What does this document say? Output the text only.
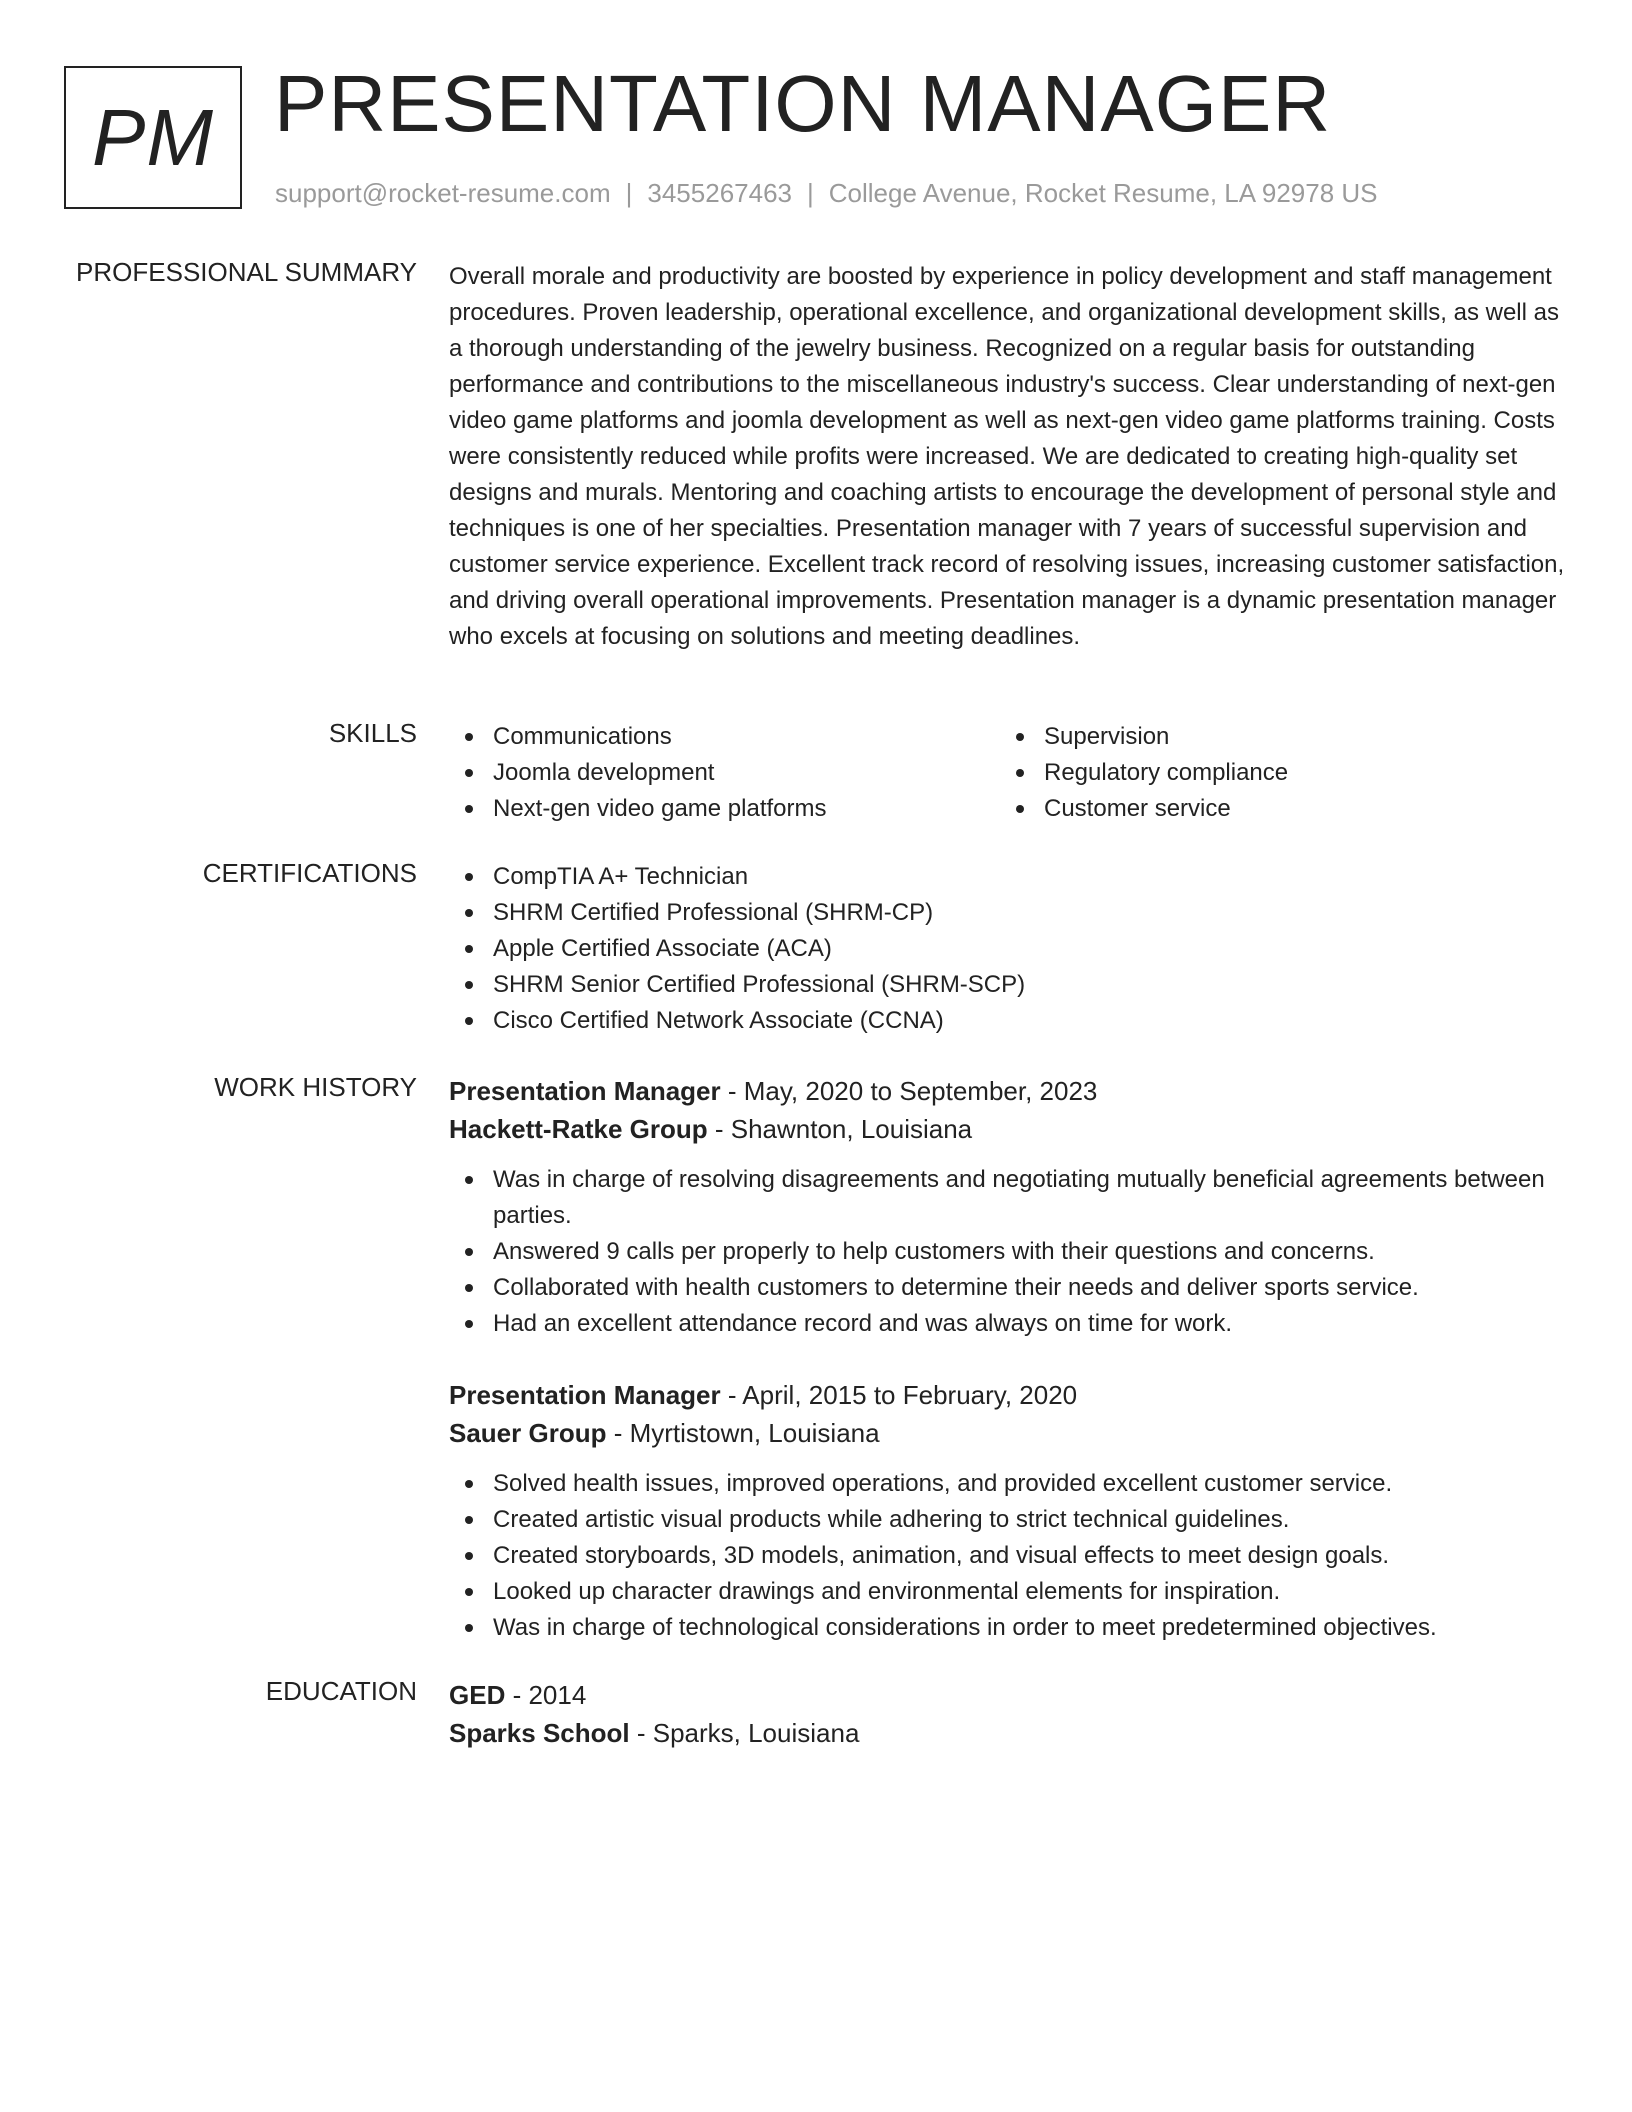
PM PRESENTATION MANAGER
support@rocket-resume.com | 3455267463 | College Avenue, Rocket Resume, LA 92978 US
PROFESSIONAL SUMMARY Overall morale and productivity are boosted by experience in policy development and staff management procedures. Proven leadership, operational excellence, and organizational development skills, as well as a thorough understanding of the jewelry business. Recognized on a regular basis for outstanding performance and contributions to the miscellaneous industry's success. Clear understanding of next-gen video game platforms and joomla development as well as next-gen video game platforms training. Costs were consistently reduced while profits were increased. We are dedicated to creating high-quality set designs and murals. Mentoring and coaching artists to encourage the development of personal style and techniques is one of her specialties. Presentation manager with 7 years of successful supervision and customer service experience. Excellent track record of resolving issues, increasing customer satisfaction, and driving overall operational improvements. Presentation manager is a dynamic presentation manager who excels at focusing on solutions and meeting deadlines.

SKILLS	Communications
Joomla development
Next-gen video game platforms
Supervision
Regulatory compliance
Customer service
CERTIFICATIONS	CompTIA A+ Technician
SHRM Certified Professional (SHRM-CP)
Apple Certified Associate (ACA)
SHRM Senior Certified Professional (SHRM-SCP)
Cisco Certified Network Associate (CCNA)
WORK HISTORY Presentation Manager - May, 2020 to September, 2023
Hackett-Ratke Group - Shawnton, Louisiana
Was in charge of resolving disagreements and negotiating mutually beneficial agreements between parties.
Answered 9 calls per properly to help customers with their questions and concerns.
Collaborated with health customers to determine their needs and deliver sports service.
Had an excellent attendance record and was always on time for work.
Presentation Manager - April, 2015 to February, 2020
Sauer Group - Myrtistown, Louisiana
Solved health issues, improved operations, and provided excellent customer service.
Created artistic visual products while adhering to strict technical guidelines.
Created storyboards, 3D models, animation, and visual effects to meet design goals.
Looked up character drawings and environmental elements for inspiration.
Was in charge of technological considerations in order to meet predetermined objectives.
EDUCATION GED - 2014
Sparks School - Sparks, Louisiana
